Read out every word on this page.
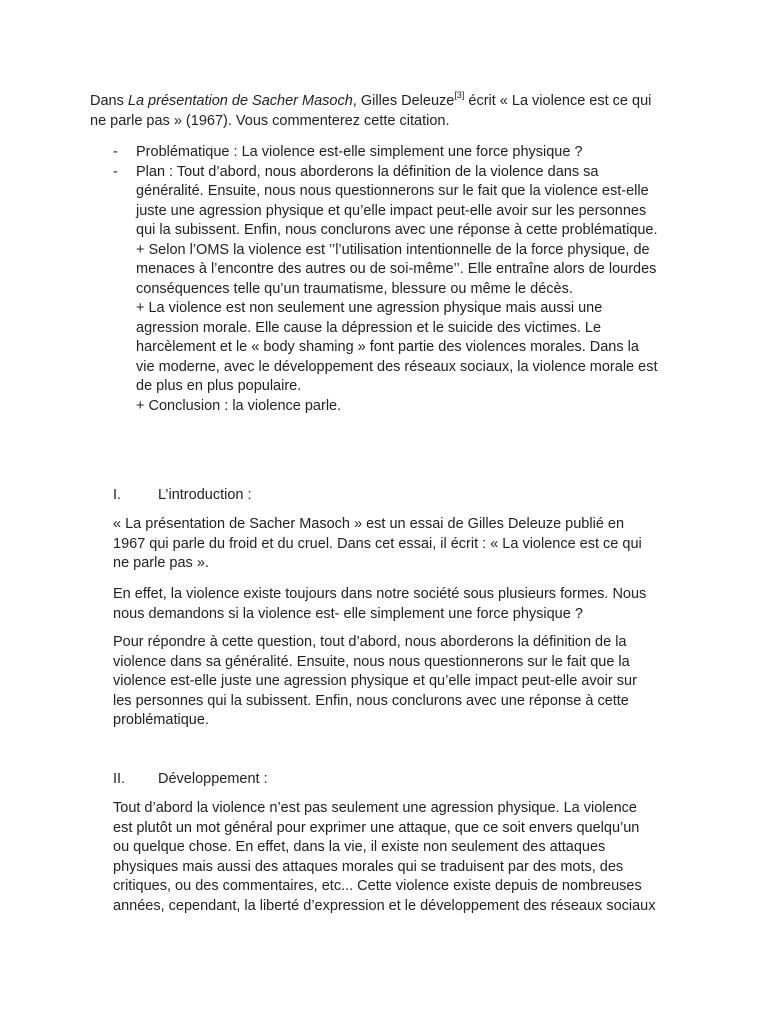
Dans La présentation de Sacher Masoch, Gilles Deleuze[3] écrit « La violence est ce qui
ne parle pas » (1967). Vous commenterez cette citation.
- Problématique : La violence est-elle simplement une force physique ?
- Plan : Tout d’abord, nous aborderons la définition de la violence dans sa
généralité. Ensuite, nous nous questionnerons sur le fait que la violence est-elle
juste une agression physique et qu’elle impact peut-elle avoir sur les personnes
qui la subissent. Enfin, nous conclurons avec une réponse à cette problématique.
+ Selon l’OMS la violence est ’’l’utilisation intentionnelle de la force physique, de
menaces à l’encontre des autres ou de soi-même’’. Elle entraîne alors de lourdes
conséquences telle qu’un traumatisme, blessure ou même le décès.
+ La violence est non seulement une agression physique mais aussi une
agression morale. Elle cause la dépression et le suicide des victimes. Le
harcèlement et le « body shaming » font partie des violences morales. Dans la
vie moderne, avec le développement des réseaux sociaux, la violence morale est
de plus en plus populaire.
+ Conclusion : la violence parle.
I.	L’introduction :
« La présentation de Sacher Masoch » est un essai de Gilles Deleuze publié en
1967 qui parle du froid et du cruel. Dans cet essai, il écrit : « La violence est ce qui
ne parle pas ».
En effet, la violence existe toujours dans notre société sous plusieurs formes. Nous
nous demandons si la violence est- elle simplement une force physique ?
Pour répondre à cette question, tout d’abord, nous aborderons la définition de la
violence dans sa généralité. Ensuite, nous nous questionnerons sur le fait que la
violence est-elle juste une agression physique et qu’elle impact peut-elle avoir sur
les personnes qui la subissent. Enfin, nous conclurons avec une réponse à cette
problématique.
II. Développement :
Tout d’abord la violence n’est pas seulement une agression physique. La violence
est plutôt un mot général pour exprimer une attaque, que ce soit envers quelqu’un
ou quelque chose. En effet, dans la vie, il existe non seulement des attaques
physiques mais aussi des attaques morales qui se traduisent par des mots, des
critiques, ou des commentaires, etc... Cette violence existe depuis de nombreuses
années, cependant, la liberté d’expression et le développement des réseaux sociaux
